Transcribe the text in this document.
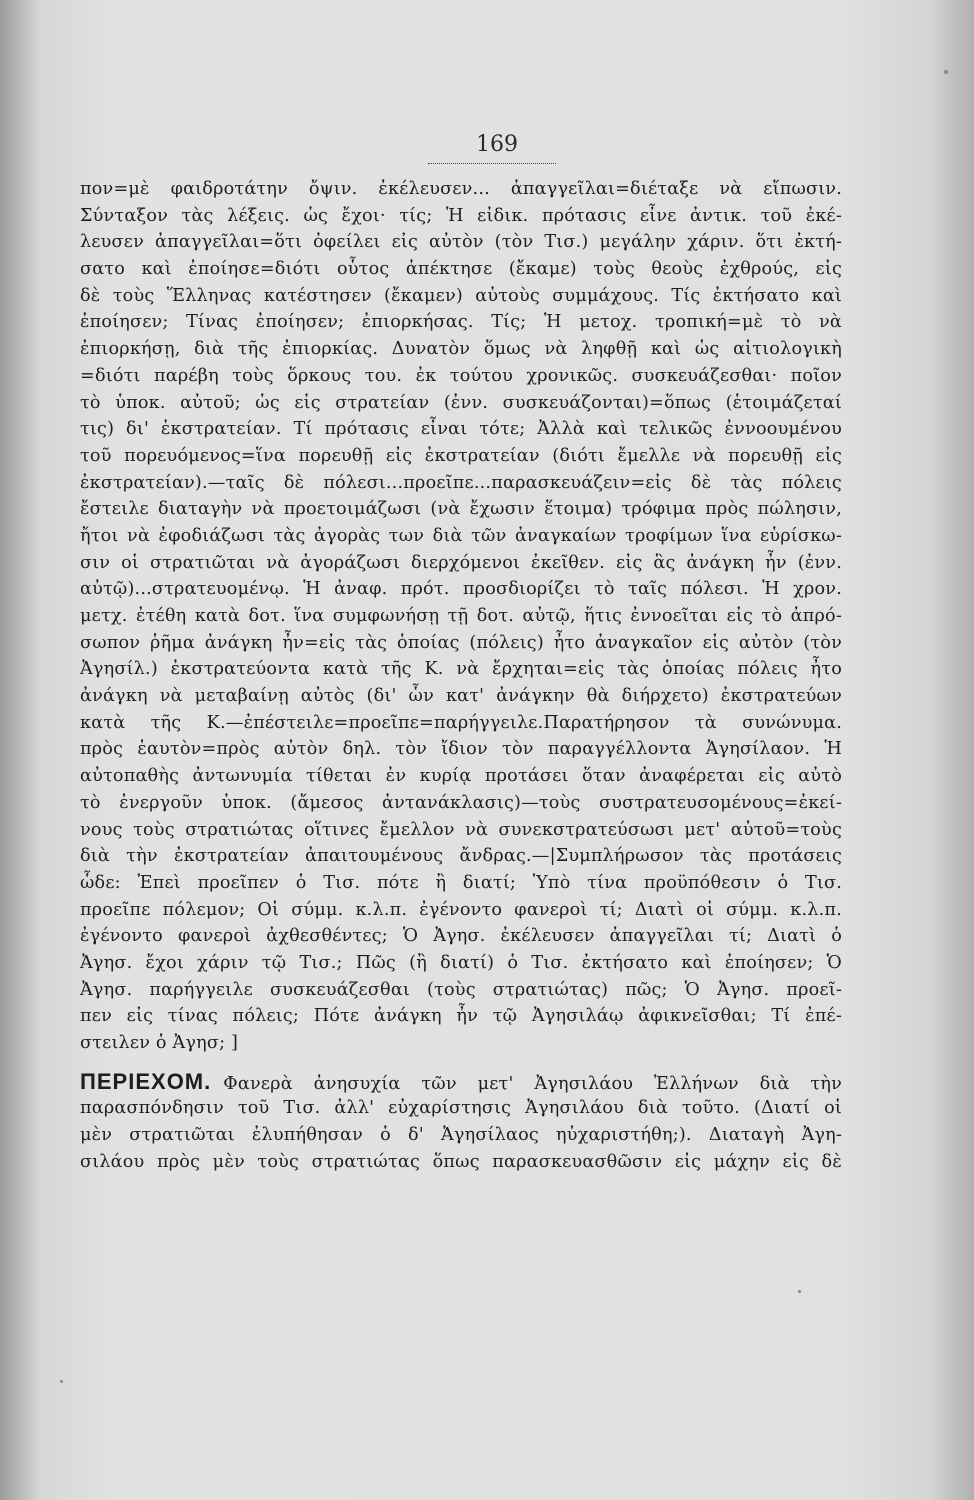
169
πον=μὲ φαιδροτάτην ὄψιν. ἐκέλευσεν... ἀπαγγεῖλαι=διέταξε νὰ εἴπωσιν.
Σύνταξον τὰς λέξεις. ὡς ἔχοι· τίς; Ἡ εἰδικ. πρότασις εἶνε ἀντικ. τοῦ ἐκέ-
λευσεν ἀπαγγεῖλαι=ὅτι ὀφείλει εἰς αὐτὸν (τὸν Τισ.) μεγάλην χάριν. ὅτι ἐκτή-
σατο καὶ ἐποίησε=διότι οὗτος ἀπέκτησε (ἔκαμε) τοὺς θεοὺς ἐχθρούς, εἰς
δὲ τοὺς Ἕλληνας κατέστησεν (ἔκαμεν) αὐτοὺς συμμάχους. Τίς ἐκτήσατο καὶ
ἐποίησεν; Τίνας ἐποίησεν; ἐπιορκήσας. Τίς; Ἡ μετοχ. τροπική=μὲ τὸ νὰ
ἐπιορκήσῃ, διὰ τῆς ἐπιορκίας. Δυνατὸν ὅμως νὰ ληφθῇ καὶ ὡς αἰτιολογικὴ
=διότι παρέβη τοὺς ὅρκους του. ἐκ τούτου χρονικῶς. συσκευάζεσθαι· ποῖον
τὸ ὑποκ. αὐτοῦ; ὡς εἰς στρατείαν (ἐνν. συσκευάζονται)=ὅπως (ἑτοιμάζεταί
τις) δι' ἐκστρατείαν. Τί πρότασις εἶναι τότε; Ἀλλὰ καὶ τελικῶς ἐννοουμένου
τοῦ πορευόμενος=ἵνα πορευθῇ εἰς ἐκστρατείαν (διότι ἔμελλε νὰ πορευθῇ εἰς
ἐκστρατείαν).—ταῖς δὲ πόλεσι...προεῖπε...παρασκευάζειν=εἰς δὲ τὰς πόλεις
ἔστειλε διαταγὴν νὰ προετοιμάζωσι (νὰ ἔχωσιν ἕτοιμα) τρόφιμα πρὸς πώλησιν,
ἤτοι νὰ ἐφοδιάζωσι τὰς ἀγορὰς των διὰ τῶν ἀναγκαίων τροφίμων ἵνα εὑρίσκω-
σιν οἱ στρατιῶται νὰ ἀγοράζωσι διερχόμενοι ἐκεῖθεν. εἰς ἃς ἀνάγκη ἦν (ἐνν.
αὐτῷ)...στρατευομένῳ. Ἡ ἀναφ. πρότ. προσδιορίζει τὸ ταῖς πόλεσι. Ἡ χρον.
μετχ. ἐτέθη κατὰ δοτ. ἵνα συμφωνήσῃ τῇ δοτ. αὐτῷ, ἥτις ἐννοεῖται εἰς τὸ ἀπρό-
σωπον ῥῆμα ἀνάγκη ἦν=εἰς τὰς ὁποίας (πόλεις) ἦτο ἀναγκαῖον εἰς αὐτὸν (τὸν
Ἀγησίλ.) ἐκστρατεύοντα κατὰ τῆς Κ. νὰ ἔρχηται=εἰς τὰς ὁποίας πόλεις ἦτο
ἀνάγκη νὰ μεταβαίνῃ αὐτὸς (δι' ὧν κατ' ἀνάγκην θὰ διήρχετο) ἐκστρατεύων
κατὰ τῆς Κ.—ἐπέστειλε=προεῖπε=παρήγγειλε.Παρατήρησον τὰ συνώνυμα.
πρὸς ἑαυτὸν=πρὸς αὐτὸν δηλ. τὸν ἴδιον τὸν παραγγέλλοντα Ἀγησίλαον. Ἡ
αὐτοπαθὴς ἀντωνυμία τίθεται ἐν κυρίᾳ προτάσει ὅταν ἀναφέρεται εἰς αὐτὸ
τὸ ἐνεργοῦν ὑποκ. (ἄμεσος ἀντανάκλασις)—τοὺς συστρατευσομένους=ἐκεί-
νους τοὺς στρατιώτας οἵτινες ἔμελλον νὰ συνεκστρατεύσωσι μετ' αὐτοῦ=τοὺς
διὰ τὴν ἐκστρατείαν ἀπαιτουμένους ἄνδρας.—|Συμπλήρωσον τὰς προτάσεις
ὧδε: Ἐπεὶ προεῖπεν ὁ Τισ. πότε ἢ διατί; Ὑπὸ τίνα προϋπόθεσιν ὁ Τισ.
προεῖπε πόλεμον; Οἱ σύμμ. κ.λ.π. ἐγένοντο φανεροὶ τί; Διατὶ οἱ σύμμ. κ.λ.π.
ἐγένοντο φανεροὶ ἀχθεσθέντες; Ὁ Ἀγησ. ἐκέλευσεν ἀπαγγεῖλαι τί; Διατὶ ὁ
Ἀγησ. ἔχοι χάριν τῷ Τισ.; Πῶς (ἢ διατί) ὁ Τισ. ἐκτήσατο καὶ ἐποίησεν; Ὁ
Ἀγησ. παρήγγειλε συσκευάζεσθαι (τοὺς στρατιώτας) πῶς; Ὁ Ἀγησ. προεῖ-
πεν εἰς τίνας πόλεις; Πότε ἀνάγκη ἦν τῷ Ἀγησιλάῳ ἀφικνεῖσθαι; Τί ἐπέ-
στειλεν ὁ Ἀγησ; ]
ΠΕΡΙΕΧΟΜ. Φανερὰ ἀνησυχία τῶν μετ' Ἀγησιλάου Ἑλλήνων διὰ τὴν
παρασπόνδησιν τοῦ Τισ. ἀλλ' εὐχαρίστησις Ἀγησιλάου διὰ τοῦτο. (Διατί οἱ
μὲν στρατιῶται ἐλυπήθησαν ὁ δ' Ἀγησίλαος ηὐχαριστήθη;). Διαταγὴ Ἀγη-
σιλάου πρὸς μὲν τοὺς στρατιώτας ὅπως παρασκευασθῶσιν εἰς μάχην εἰς δὲ
